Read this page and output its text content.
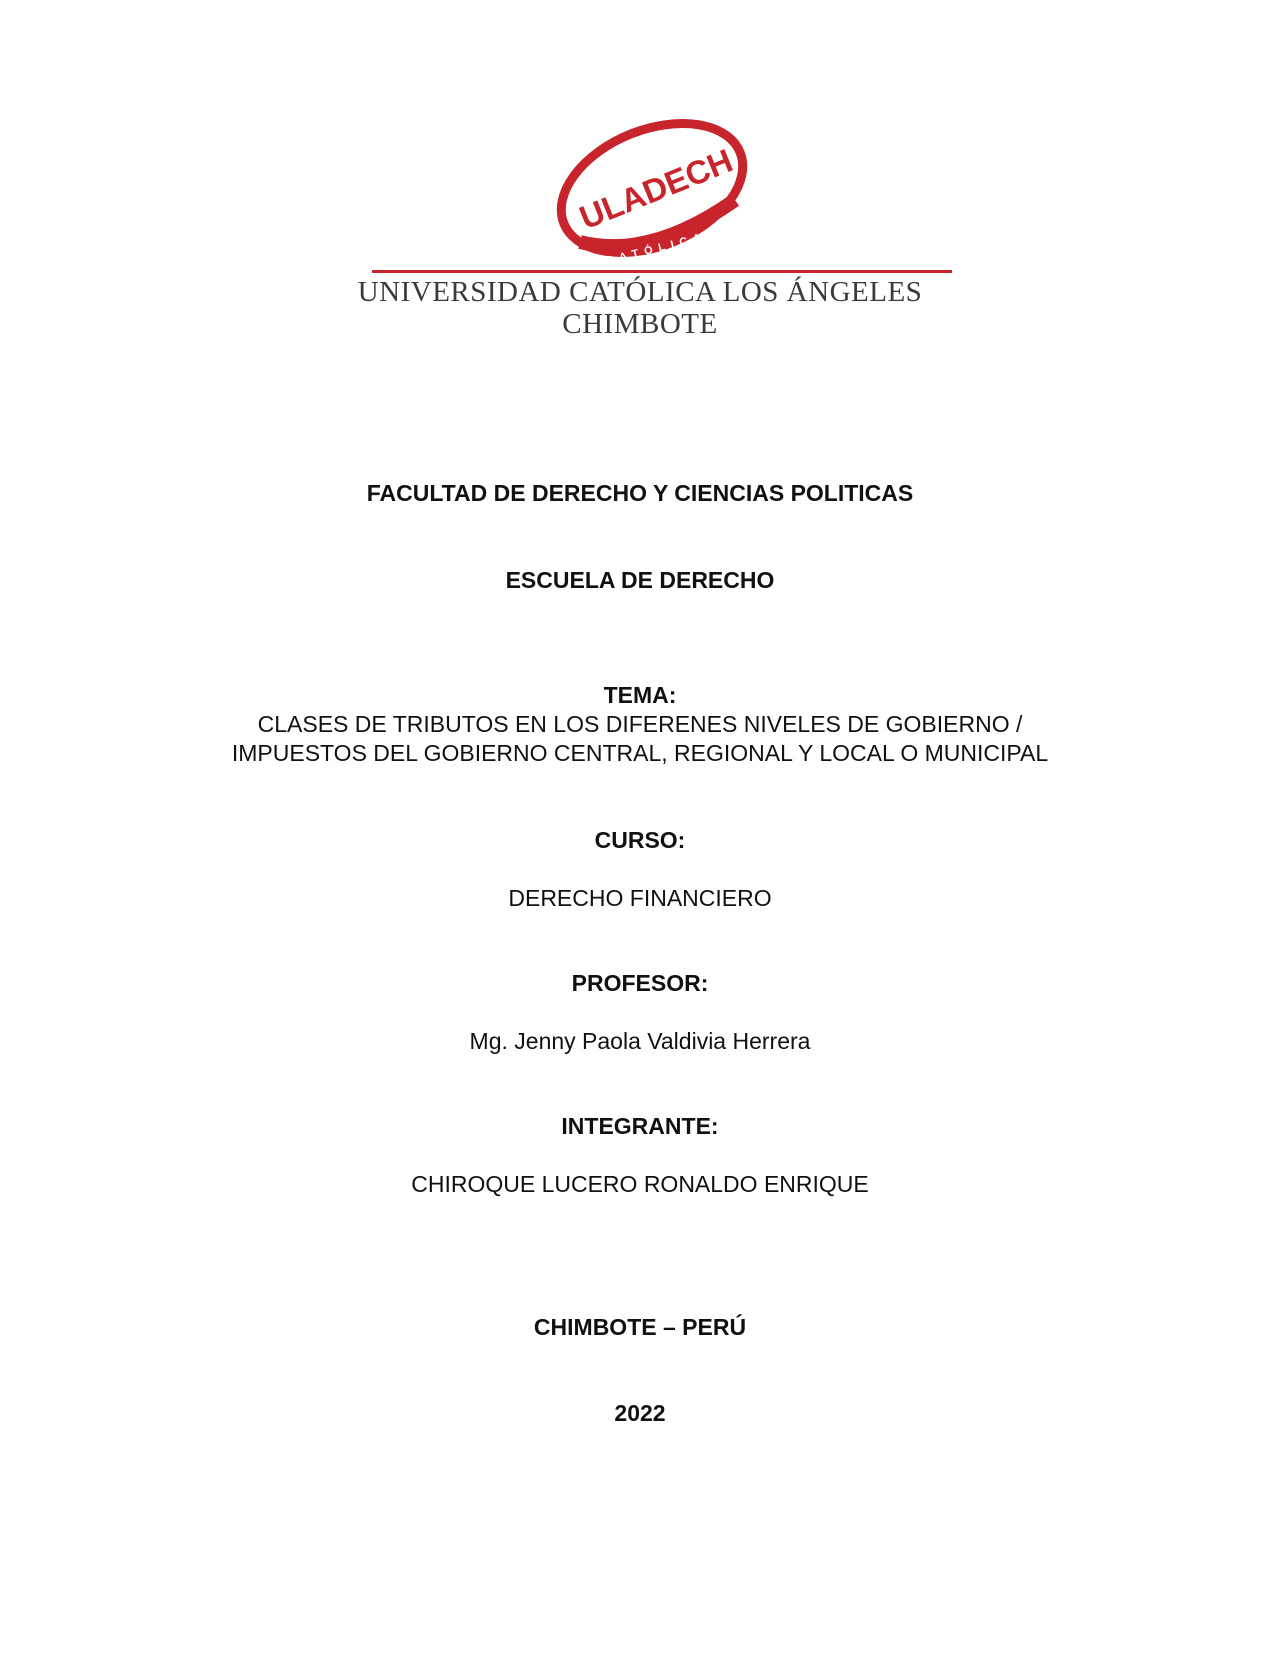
ULADECH
CATÓLICA
UNIVERSIDAD CATÓLICA LOS ÁNGELES
CHIMBOTE
FACULTAD DE DERECHO Y CIENCIAS POLITICAS
ESCUELA DE DERECHO
TEMA:
CLASES DE TRIBUTOS EN LOS DIFERENES NIVELES DE GOBIERNO /
IMPUESTOS DEL GOBIERNO CENTRAL, REGIONAL Y LOCAL O MUNICIPAL
CURSO:
DERECHO FINANCIERO
PROFESOR:
Mg. Jenny Paola Valdivia Herrera
INTEGRANTE:
CHIROQUE LUCERO RONALDO ENRIQUE
CHIMBOTE – PERÚ
2022
